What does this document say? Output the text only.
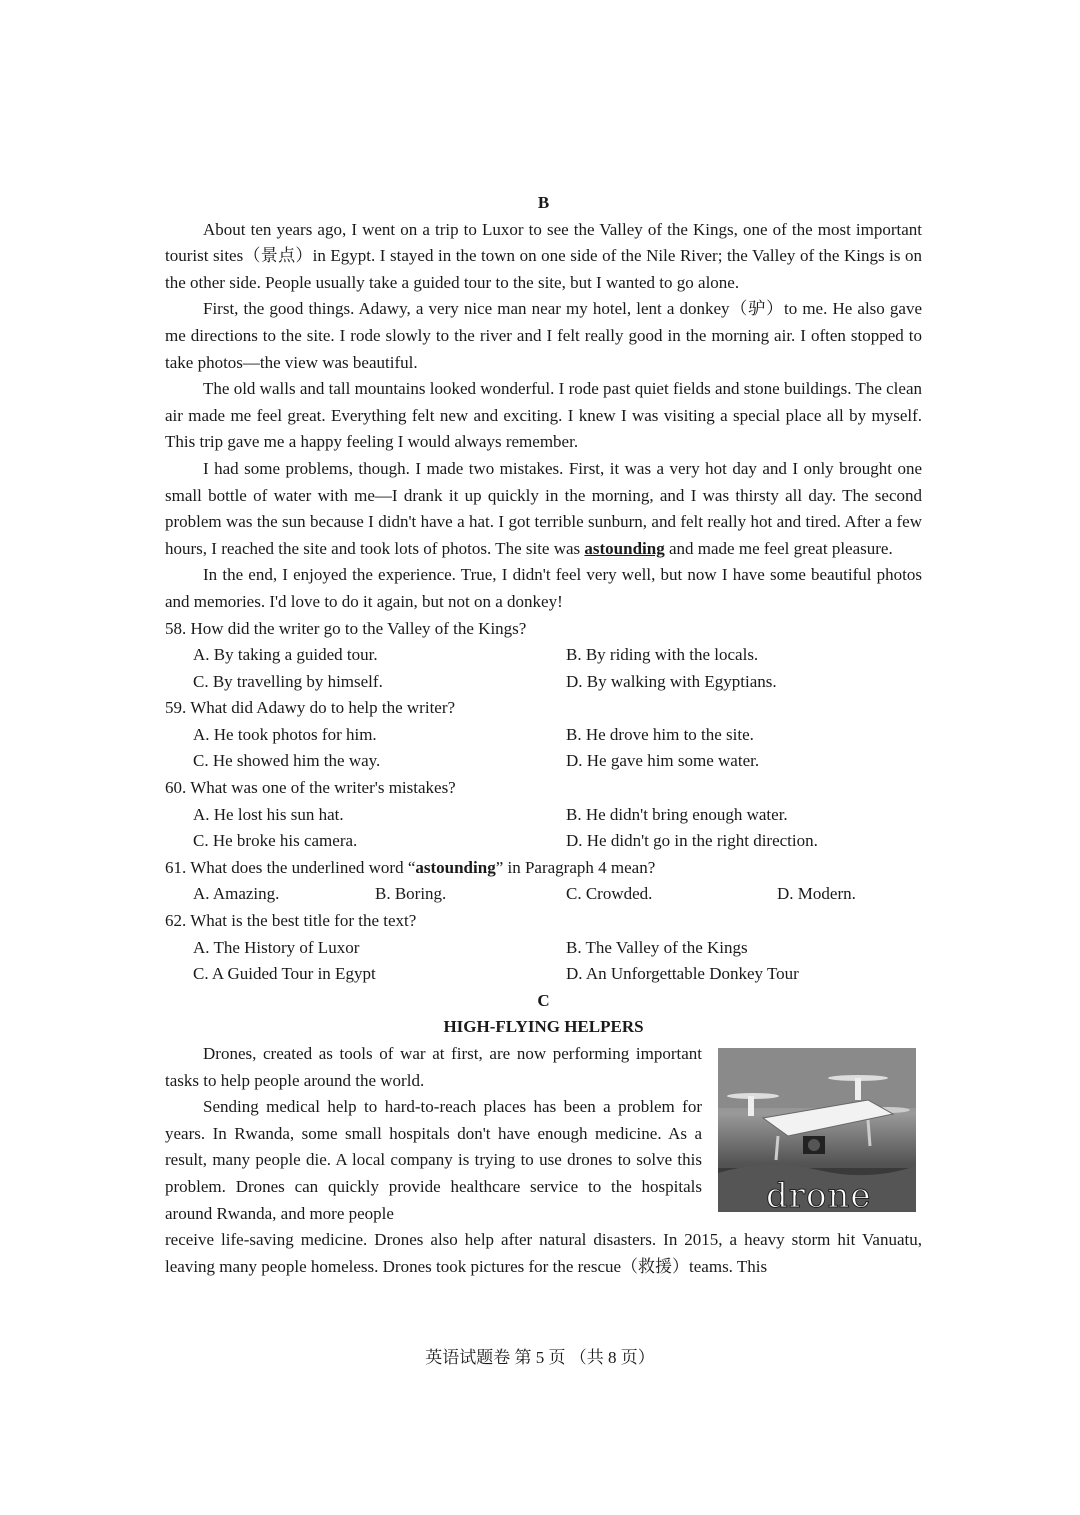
B

About ten years ago, I went on a trip to Luxor to see the Valley of the Kings, one of the most important tourist sites（景点）in Egypt. I stayed in the town on one side of the Nile River; the Valley of the Kings is on the other side. People usually take a guided tour to the site, but I wanted to go alone.

First, the good things. Adawy, a very nice man near my hotel, lent a donkey（驴）to me. He also gave me directions to the site. I rode slowly to the river and I felt really good in the morning air. I often stopped to take photos—the view was beautiful.

The old walls and tall mountains looked wonderful. I rode past quiet fields and stone buildings. The clean air made me feel great. Everything felt new and exciting. I knew I was visiting a special place all by myself. This trip gave me a happy feeling I would always remember.

I had some problems, though. I made two mistakes. First, it was a very hot day and I only brought one small bottle of water with me—I drank it up quickly in the morning, and I was thirsty all day. The second problem was the sun because I didn't have a hat. I got terrible sunburn, and felt really hot and tired. After a few hours, I reached the site and took lots of photos. The site was astounding and made me feel great pleasure.

In the end, I enjoyed the experience. True, I didn't feel very well, but now I have some beautiful photos and memories. I'd love to do it again, but not on a donkey!

58. How did the writer go to the Valley of the Kings?

A. By taking a guided tour.	B. By riding with the locals.
C. By travelling by himself.	D. By walking with Egyptians.

59. What did Adawy do to help the writer?

A. He took photos for him.	B. He drove him to the site.
C. He showed him the way.	D. He gave him some water.

60. What was one of the writer's mistakes?

A. He lost his sun hat.	B. He didn't bring enough water.
C. He broke his camera.	D. He didn't go in the right direction.

61. What does the underlined word “astounding” in Paragraph 4 mean?

A. Amazing.	B. Boring.	C. Crowded.	D. Modern.

62. What is the best title for the text?

A. The History of Luxor	B. The Valley of the Kings
C. A Guided Tour in Egypt	D. An Unforgettable Donkey Tour
C
HIGH-FLYING HELPERS

Drones, created as tools of war at first, are now performing important tasks to help people around the world.

Sending medical help to hard-to-reach places has been a problem for years. In Rwanda, some small hospitals don't have enough medicine. As a result, many people die. A local company is trying to use drones to solve this problem. Drones can quickly provide healthcare service to the hospitals around Rwanda, and more people	drone

receive life-saving medicine. Drones also help after natural disasters. In 2015, a heavy storm hit Vanuatu, leaving many people homeless. Drones took pictures for the rescue（救援）teams. This

英语试题卷 第 5 页 （共 8 页）
